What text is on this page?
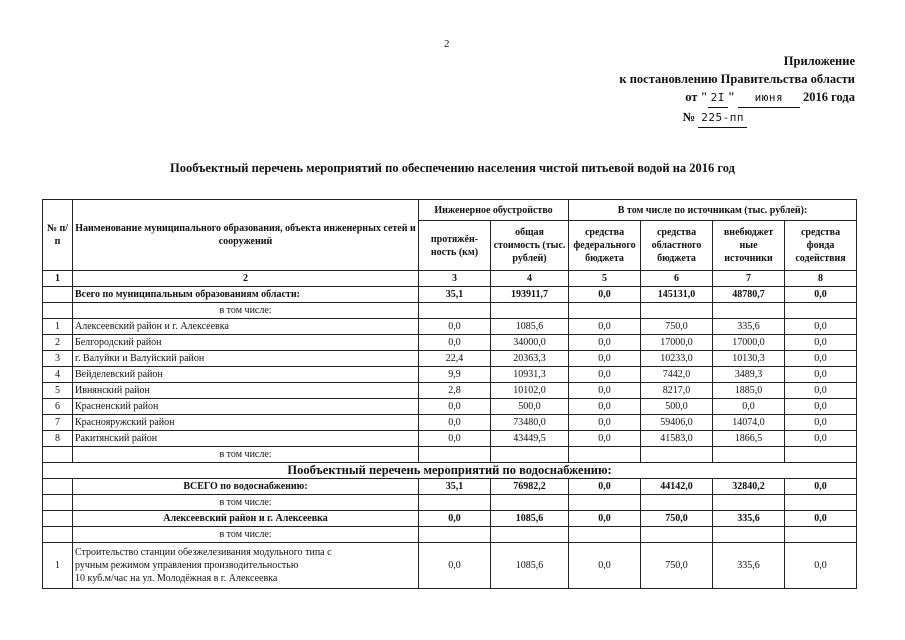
2
Приложение
к постановлению Правительства области
от " 2I " июня 2016 года
№ 225-пп
Пообъектный перечень мероприятий по обеспечению населения чистой питьевой водой на 2016 год
№ п/п	Наименование муниципального образования, объекта инженерных сетей и сооружений	Инженерное обустройство		В том числе по источникам (тыс. рублей):			
		протяжён-ность (км)	общая стоимость (тыс. рублей)	средства федерального бюджета	средства областного бюджета	внебюджет ные источники	средства фонда содействия
1	2	3	4	5	6	7	8
	Всего по муниципальным образованиям области:	35,1	193911,7	0,0	145131,0	48780,7	0,0
	в том числе:						
1	Алексеевский район и г. Алексеевка	0,0	1085,6	0,0	750,0	335,6	0,0
2	Белгородский район	0,0	34000,0	0,0	17000,0	17000,0	0,0
3	г. Валуйки и Валуйский район	22,4	20363,3	0,0	10233,0	10130,3	0,0
4	Вейделевский район	9,9	10931,3	0,0	7442,0	3489,3	0,0
5	Ивнянский район	2,8	10102,0	0,0	8217,0	1885,0	0,0
6	Красненский район	0,0	500,0	0,0	500,0	0,0	0,0
7	Краснояружский район	0,0	73480,0	0,0	59406,0	14074,0	0,0
8	Ракитянский район	0,0	43449,5	0,0	41583,0	1866,5	0,0
	в том числе:						
Пообъектный перечень мероприятий по водоснабжению:							
	ВСЕГО по водоснабжению:	35,1	76982,2	0,0	44142,0	32840,2	0,0
	в том числе:						
	Алексеевский район и г. Алексеевка	0,0	1085,6	0,0	750,0	335,6	0,0
	в том числе:						
1	Строительство станции обезжелезивания модульного типа с
ручным режимом управления производительностью
10 куб.м/час на ул. Молодёжная в г. Алексеевка	0,0	1085,6	0,0	750,0	335,6	0,0
